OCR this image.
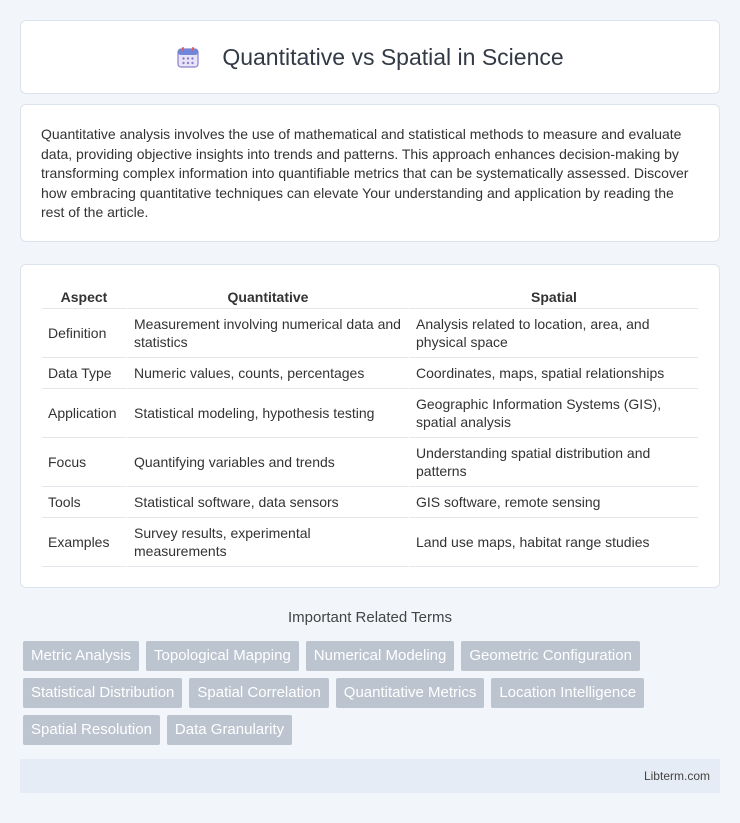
Quantitative vs Spatial in Science

Quantitative analysis involves the use of mathematical and statistical methods to measure and evaluate data, providing objective insights into trends and patterns. This approach enhances decision-making by transforming complex information into quantifiable metrics that can be systematically assessed. Discover how embracing quantitative techniques can elevate Your understanding and application by reading the rest of the article.

Aspect	Quantitative	Spatial
Definition	Measurement involving numerical data and statistics	Analysis related to location, area, and physical space
Data Type	Numeric values, counts, percentages	Coordinates, maps, spatial relationships
Application	Statistical modeling, hypothesis testing	Geographic Information Systems (GIS), spatial analysis
Focus	Quantifying variables and trends	Understanding spatial distribution and patterns
Tools	Statistical software, data sensors	GIS software, remote sensing
Examples	Survey results, experimental measurements	Land use maps, habitat range studies
Important Related Terms
Metric Analysis	Topological Mapping	Numerical Modeling	Geometric Configuration
Statistical Distribution	Spatial Correlation	Quantitative Metrics	Location Intelligence
Spatial Resolution	Data Granularity
Libterm.com
